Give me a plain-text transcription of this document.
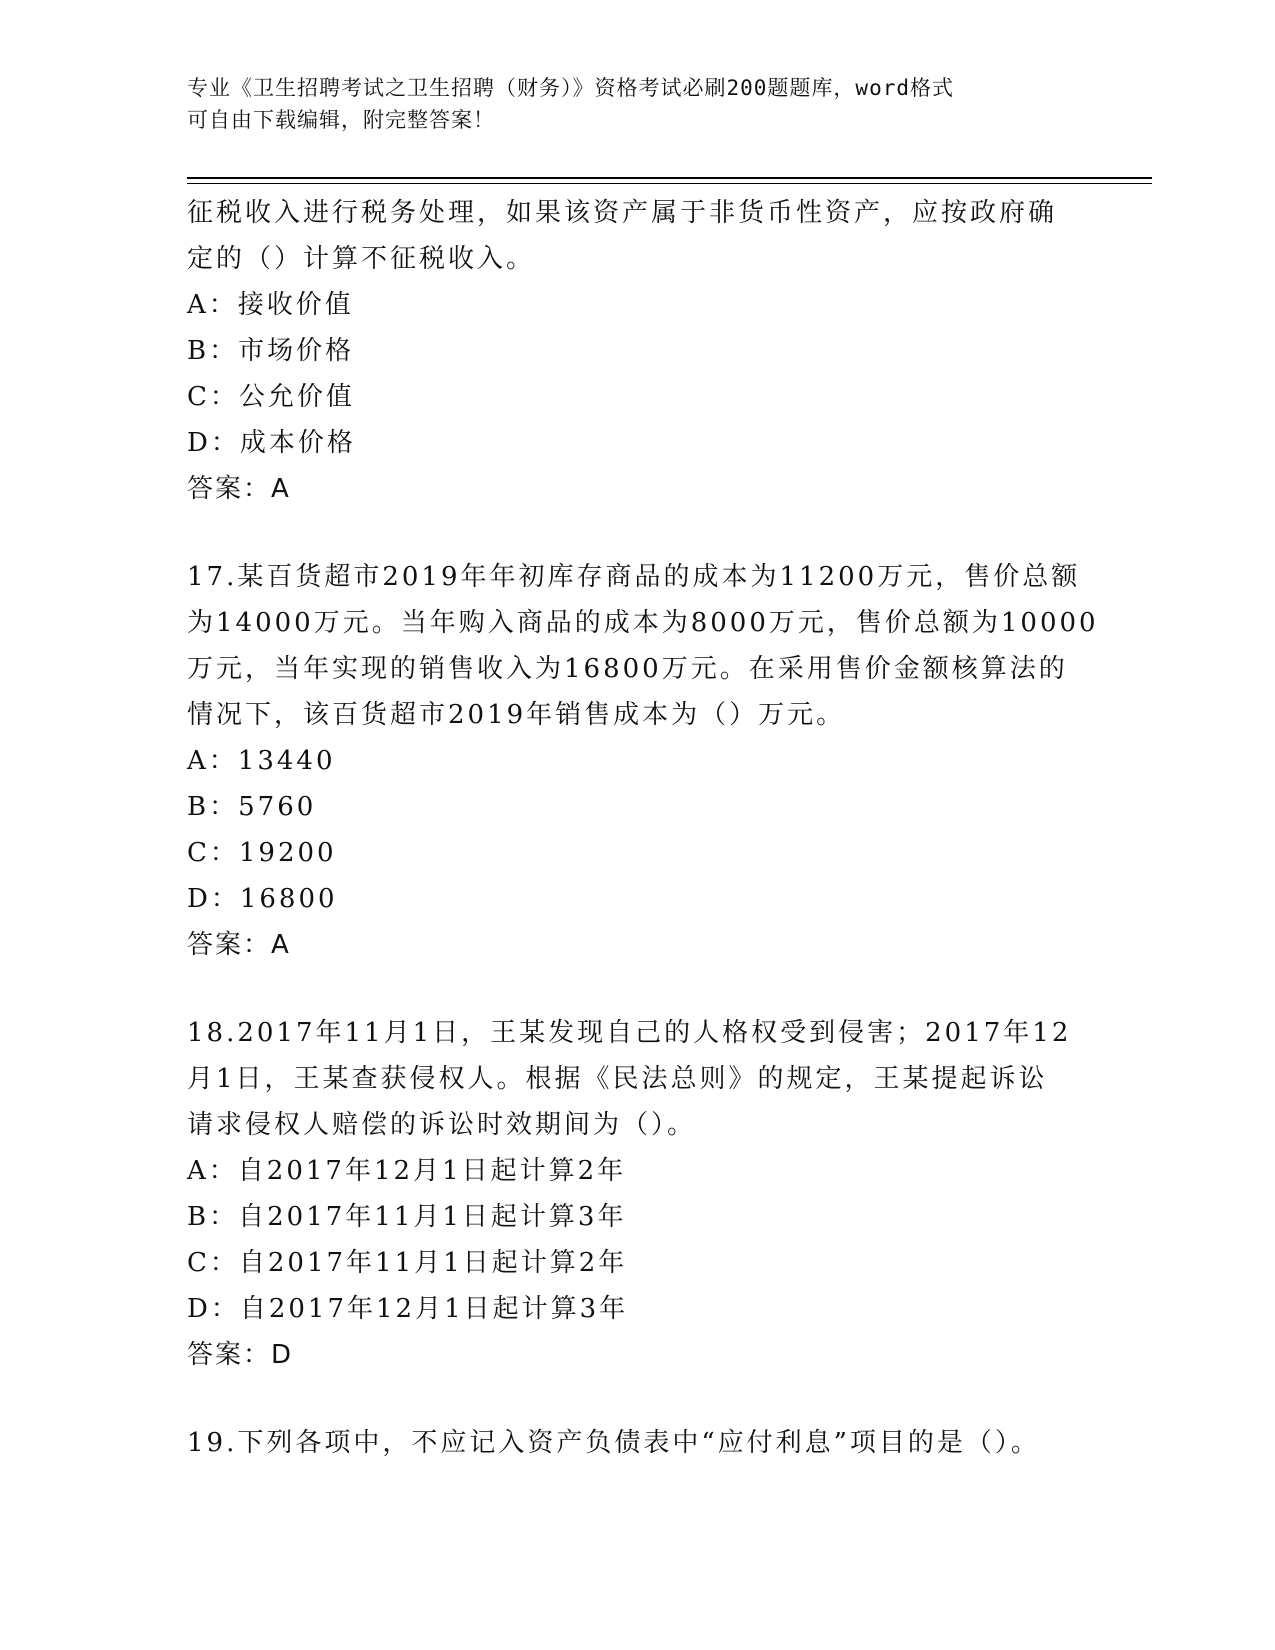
专业《卫生招聘考试之卫生招聘（财务）》资格考试必刷200题题库，word格式
可自由下载编辑，附完整答案！
征税收入进行税务处理，如果该资产属于非货币性资产，应按政府确
定的（）计算不征税收入。
A：接收价值
B：市场价格
C：公允价值
D：成本价格
答案：A
17.某百货超市2019年年初库存商品的成本为11200万元，售价总额
为14000万元。当年购入商品的成本为8000万元，售价总额为10000
万元，当年实现的销售收入为16800万元。在采用售价金额核算法的
情况下，该百货超市2019年销售成本为（）万元。
A：13440
B：5760
C：19200
D：16800
答案：A
18.2017年11月1日，王某发现自己的人格权受到侵害；2017年12
月1日，王某查获侵权人。根据《民法总则》的规定，王某提起诉讼
请求侵权人赔偿的诉讼时效期间为（）。
A：自2017年12月1日起计算2年
B：自2017年11月1日起计算3年
C：自2017年11月1日起计算2年
D：自2017年12月1日起计算3年
答案：D
19.下列各项中，不应记入资产负债表中“应付利息”项目的是（）。
